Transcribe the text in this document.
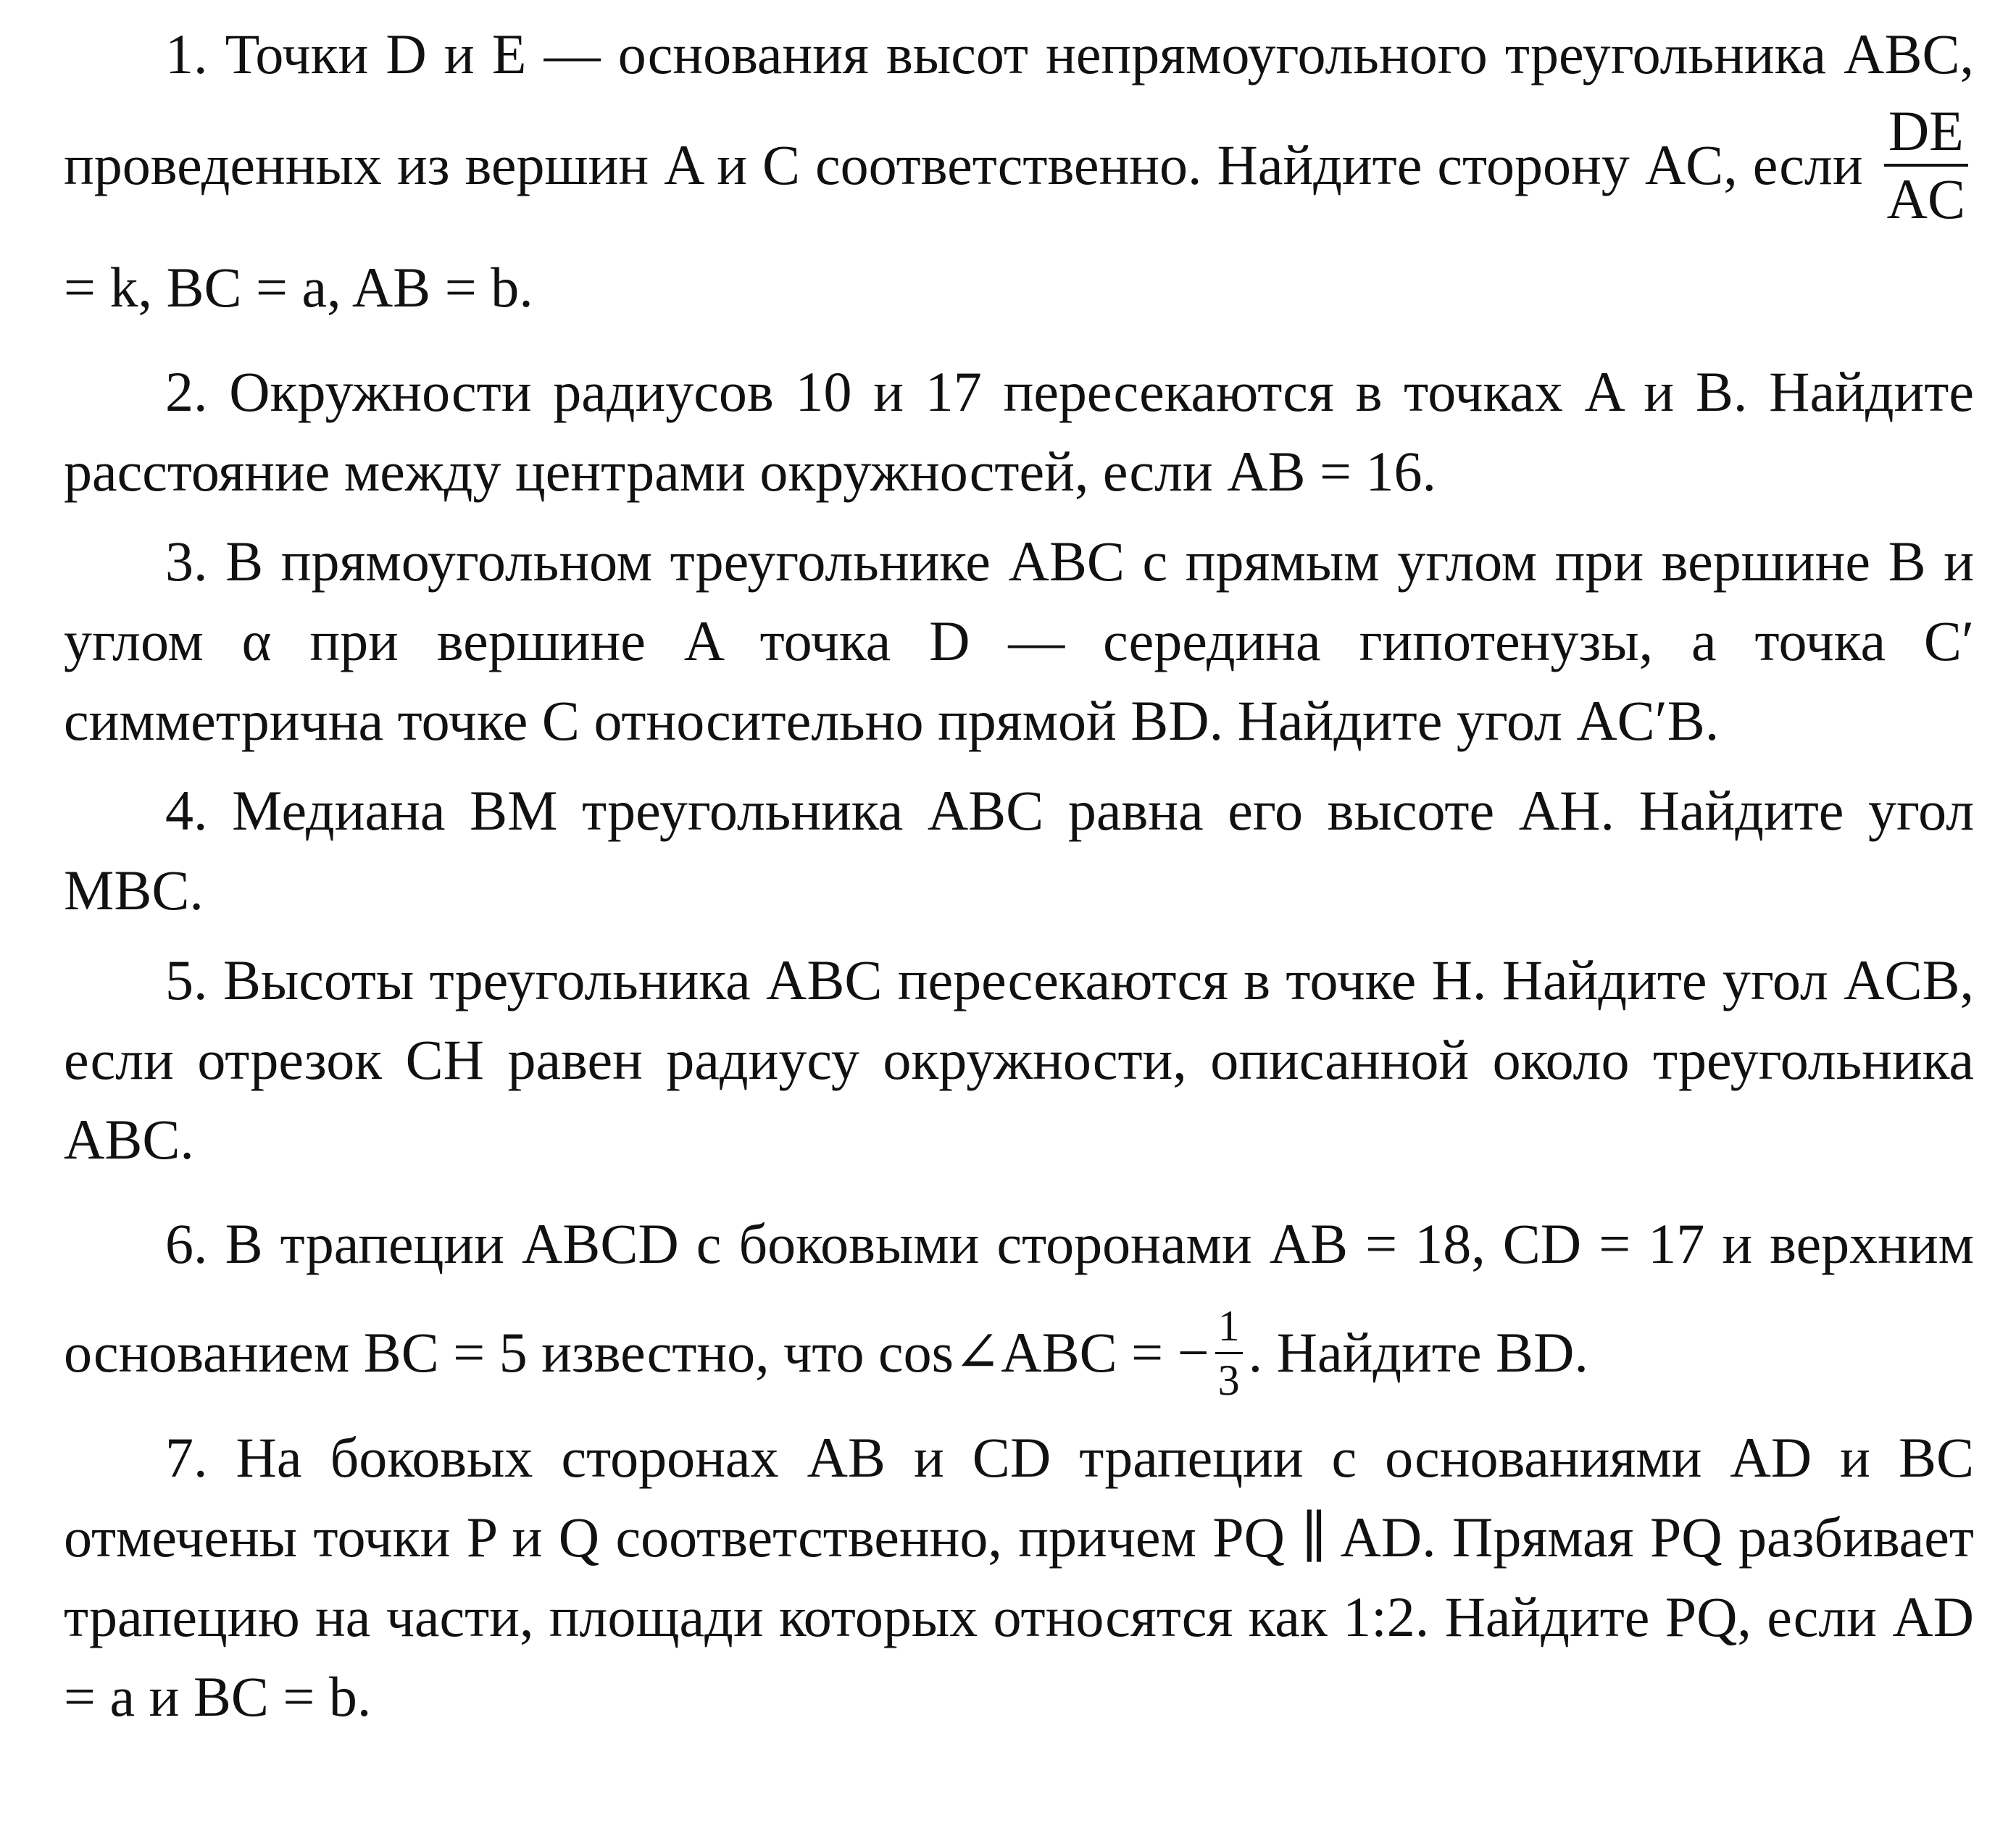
1. Точки D и E — основания высот непрямоугольного треугольника ABC, проведенных из вершин A и C соответственно. Найдите сторону AC, если $\frac{DE}{AC}$
= k, BC = a, AB = b.

2. Окружности радиусов 10 и 17 пересекаются в точках A и B. Найдите расстояние между центрами окружностей, если AB = 16.

3. В прямоугольном треугольнике ABC с прямым углом при вершине B и углом α при вершине A точка D — середина гипотенузы, а точка C′ симметрична точке C относительно прямой BD. Найдите угол AC′B.

4. Медиана BM треугольника ABC равна его высоте AH. Найдите угол MBC.

5. Высоты треугольника ABC пересекаются в точке H. Найдите угол ACB, если отрезок CH равен радиусу окружности, описанной около треугольника ABC.

6. В трапеции ABCD с боковыми сторонами AB = 18, CD = 17 и верхним основанием BC = 5 известно, что cos∠ABC = − $\frac{1}{3}$ . Найдите BD.

7. На боковых сторонах AB и CD трапеции с основаниями AD и BC отмечены точки P и Q соответственно, причем PQ ∥ AD. Прямая PQ разбивает трапецию на части, площади которых относятся как 1:2. Найдите PQ, если AD = a и BC = b.
